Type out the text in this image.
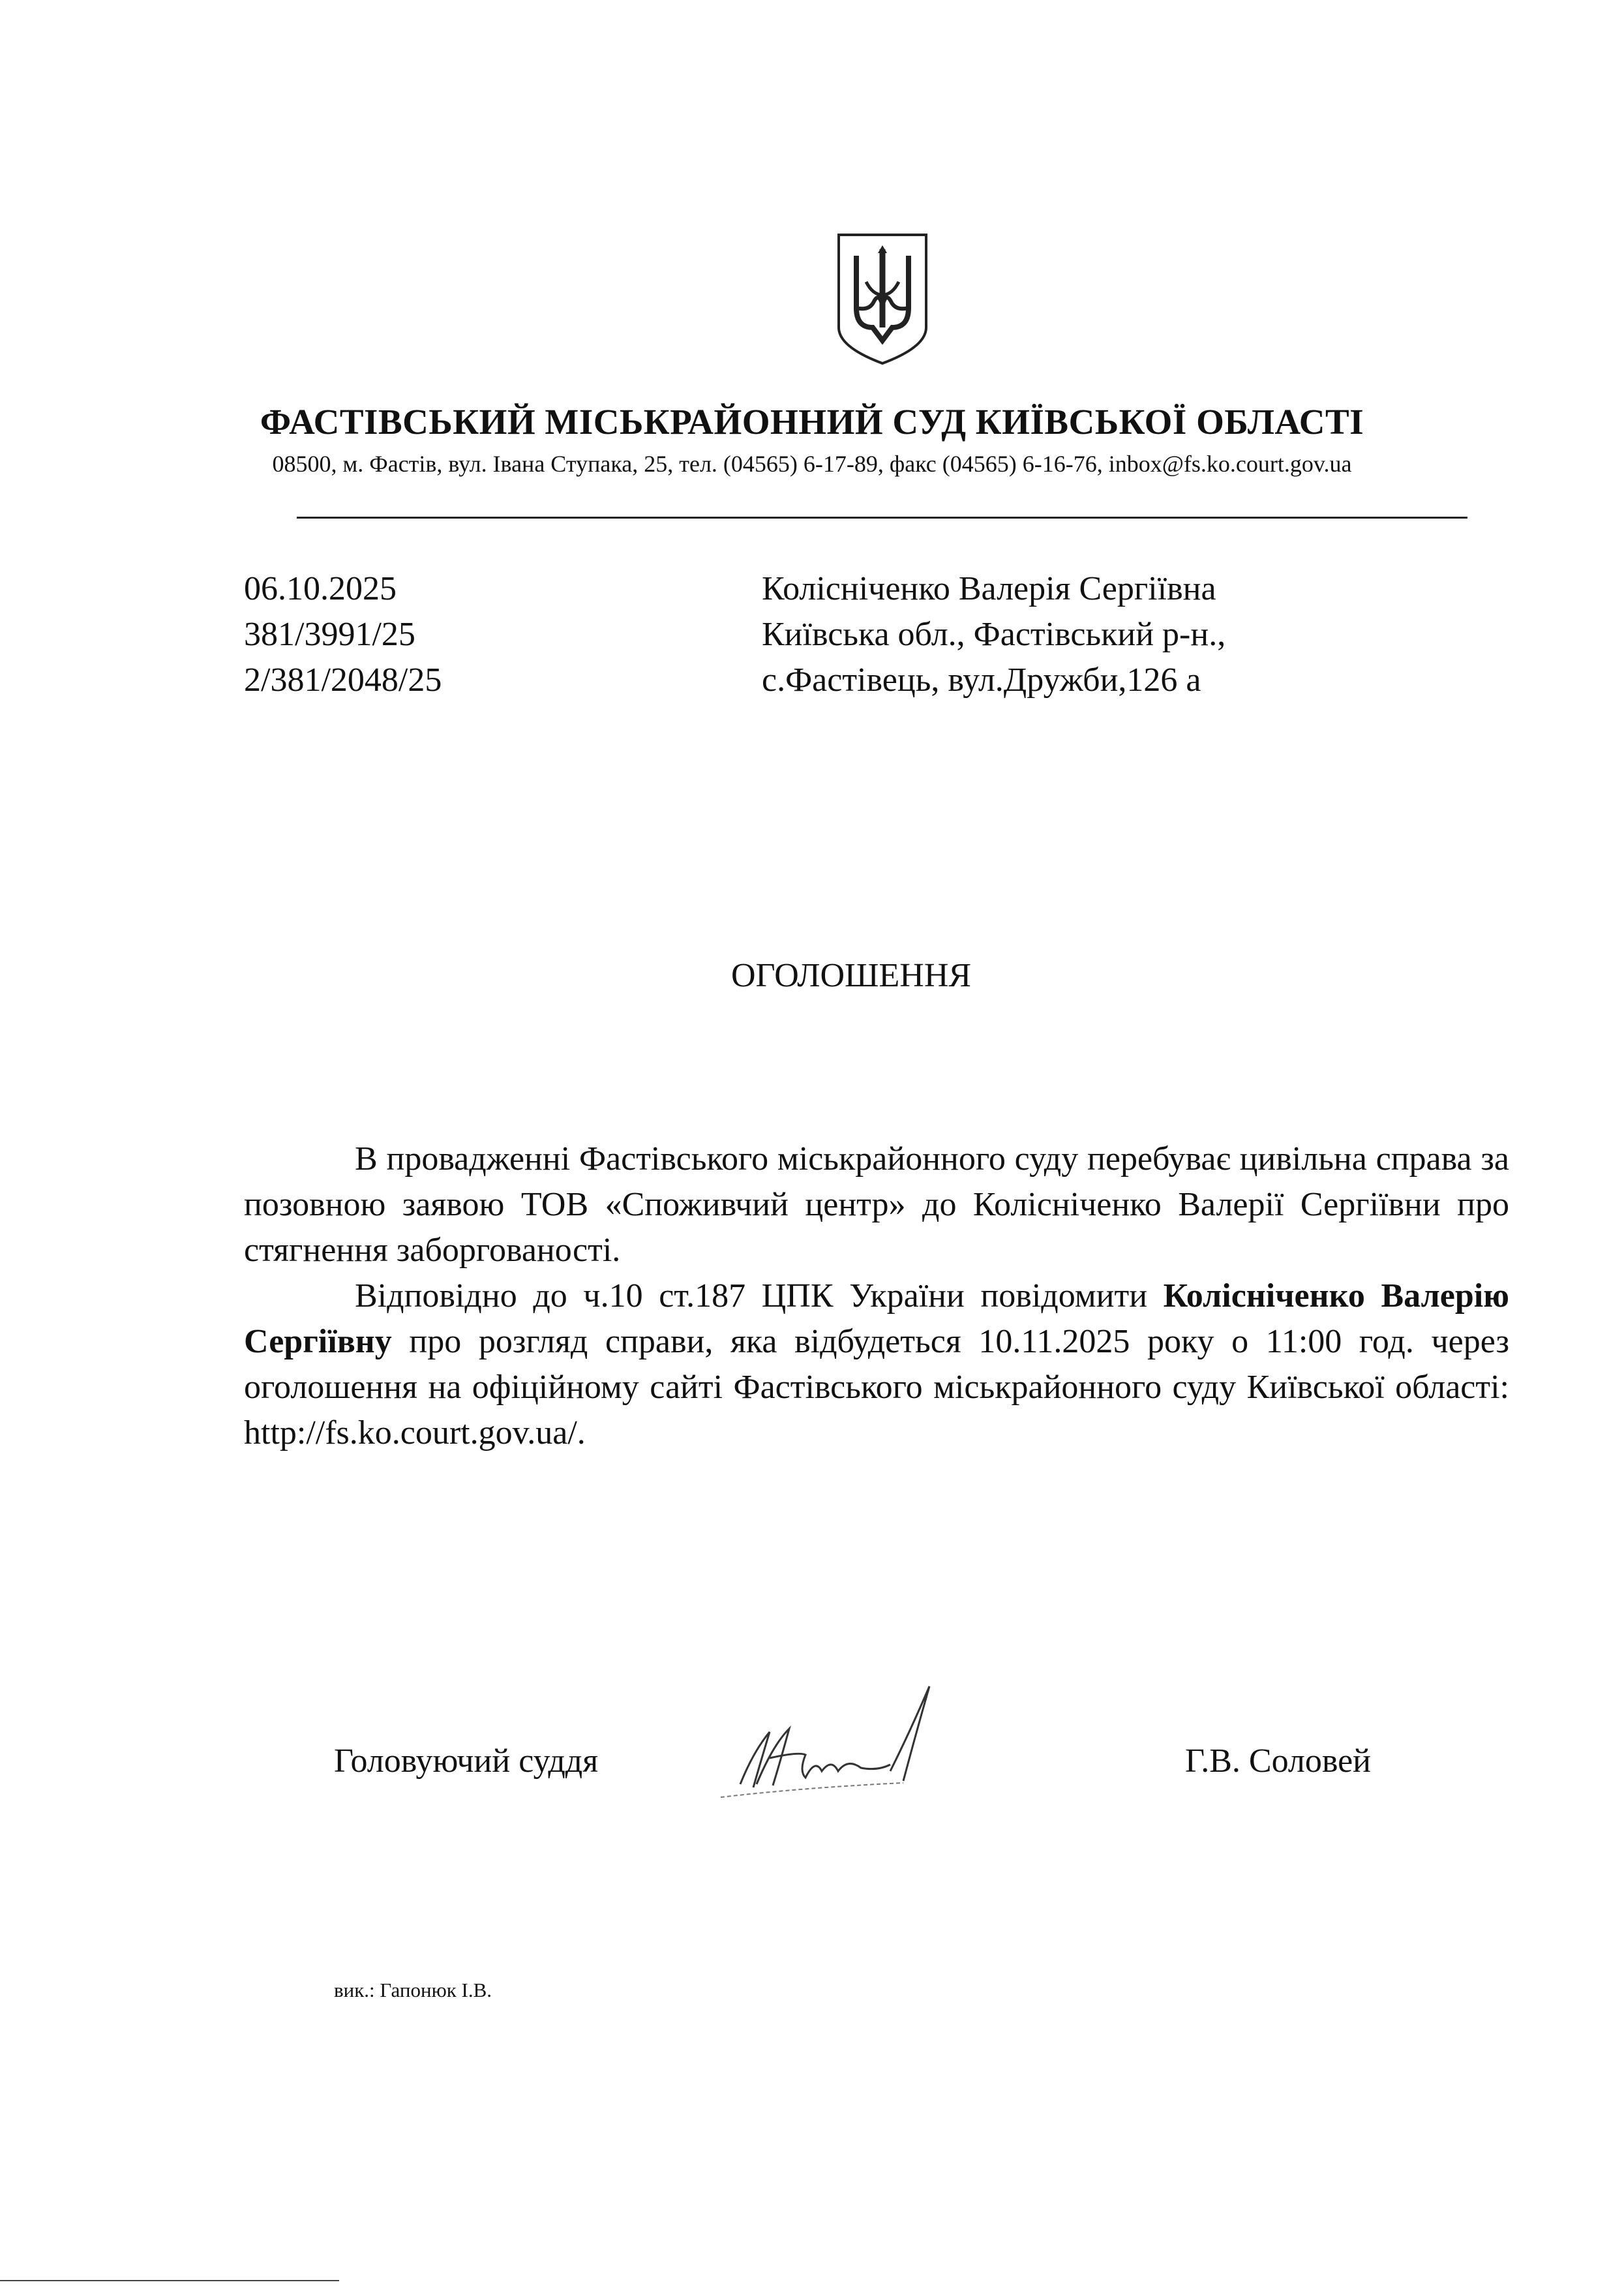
ФАСТІВСЬКИЙ МІСЬКРАЙОННИЙ СУД КИЇВСЬКОЇ ОБЛАСТІ
08500, м. Фастів, вул. Івана Ступака, 25, тел. (04565) 6-17-89, факс (04565) 6-16-76, inbox@fs.ko.court.gov.ua
06.10.2025
381/3991/25
2/381/2048/25
Колісніченко Валерія Сергіївна
Київська обл., Фастівський р-н.,
с.Фастівець, вул.Дружби,126 а
ОГОЛОШЕННЯ

В провадженні Фастівського міськрайонного суду перебуває цивільна справа за позовною заявою ТОВ «Споживчий центр» до Колісніченко Валерії Сергіївни про стягнення заборгованості.

Відповідно до ч.10 ст.187 ЦПК України повідомити Колісніченко Валерію Сергіївну про розгляд справи, яка відбудеться 10.11.2025 року о 11:00 год. через оголошення на офіційному сайті Фастівського міськрайонного суду Київської області: http://fs.ko.court.gov.ua/.

Головуючий суддя	Г.В. Соловей
вик.: Гапонюк І.В.
